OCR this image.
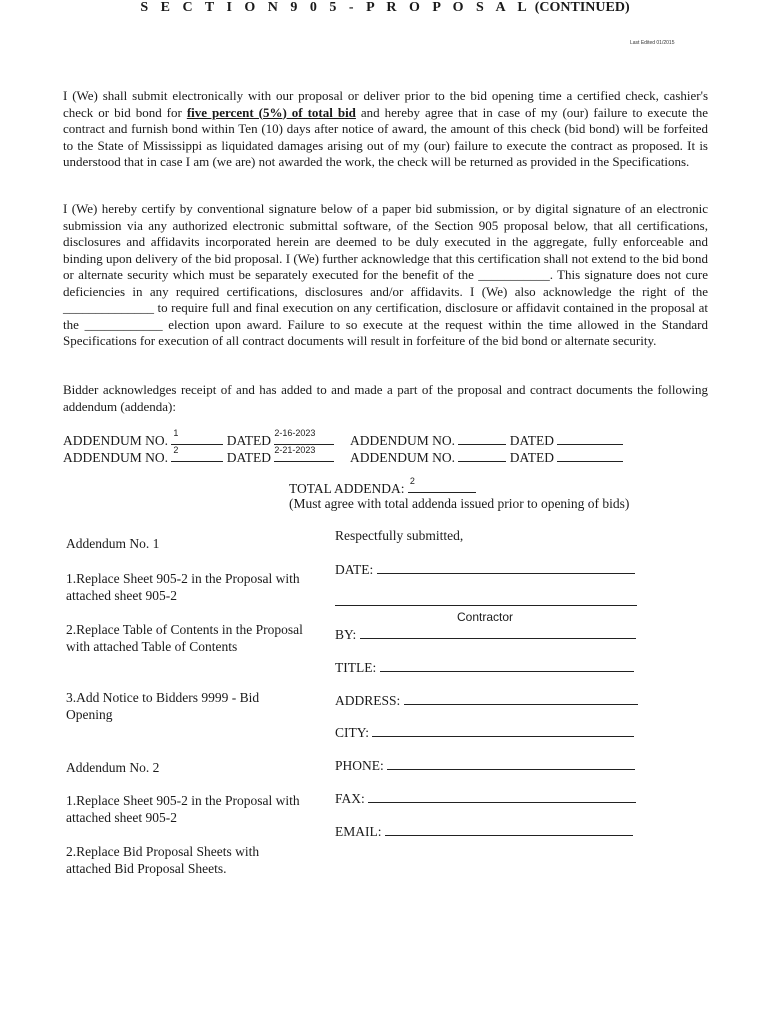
Last Edited 01/2015
S E C T I O N 9 0 5 - P R O P O S A L (CONTINUED)
I (We) shall submit electronically with our proposal or deliver prior to the bid opening time a certified check, cashier's check or bid bond for five percent (5%) of total bid and hereby agree that in case of my (our) failure to execute the contract and furnish bond within Ten (10) days after notice of award, the amount of this check (bid bond) will be forfeited to the State of Mississippi as liquidated damages arising out of my (our) failure to execute the contract as proposed. It is understood that in case I am (we are) not awarded the work, the check will be returned as provided in the Specifications.
I (We) hereby certify by conventional signature below of a paper bid submission, or by digital signature of an electronic submission via any authorized electronic submittal software, of the Section 905 proposal below, that all certifications, disclosures and affidavits incorporated herein are deemed to be duly executed in the aggregate, fully enforceable and binding upon delivery of the bid proposal. I (We) further acknowledge that this certification shall not extend to the bid bond or alternate security which must be separately executed for the benefit of the ___________. This signature does not cure deficiencies in any required certifications, disclosures and/or affidavits. I (We) also acknowledge the right of the ______________ to require full and final execution on any certification, disclosure or affidavit contained in the proposal at the ____________ election upon award. Failure to so execute at the request within the time allowed in the Standard Specifications for execution of all contract documents will result in forfeiture of the bid bond or alternate security.
Bidder acknowledges receipt of and has added to and made a part of the proposal and contract documents the following addendum (addenda):
ADDENDUM NO. 1	DATED 2-16-2023	ADDENDUM NO.	DATED
ADDENDUM NO. 2	DATED 2-21-2023	ADDENDUM NO.	DATED
TOTAL ADDENDA: 2
(Must agree with total addenda issued prior to opening of bids)
Addendum No. 1
1.Replace Sheet 905-2 in the Proposal with attached sheet 905-2
2.Replace Table of Contents in the Proposal with attached Table of Contents
3.Add Notice to Bidders 9999 - Bid Opening
Addendum No. 2
1.Replace Sheet 905-2 in the Proposal with attached sheet 905-2
2.Replace Bid Proposal Sheets with attached Bid Proposal Sheets.
Respectfully submitted,
DATE:
Contractor
BY:
TITLE:
ADDRESS:
CITY:
PHONE:
FAX:
EMAIL:
